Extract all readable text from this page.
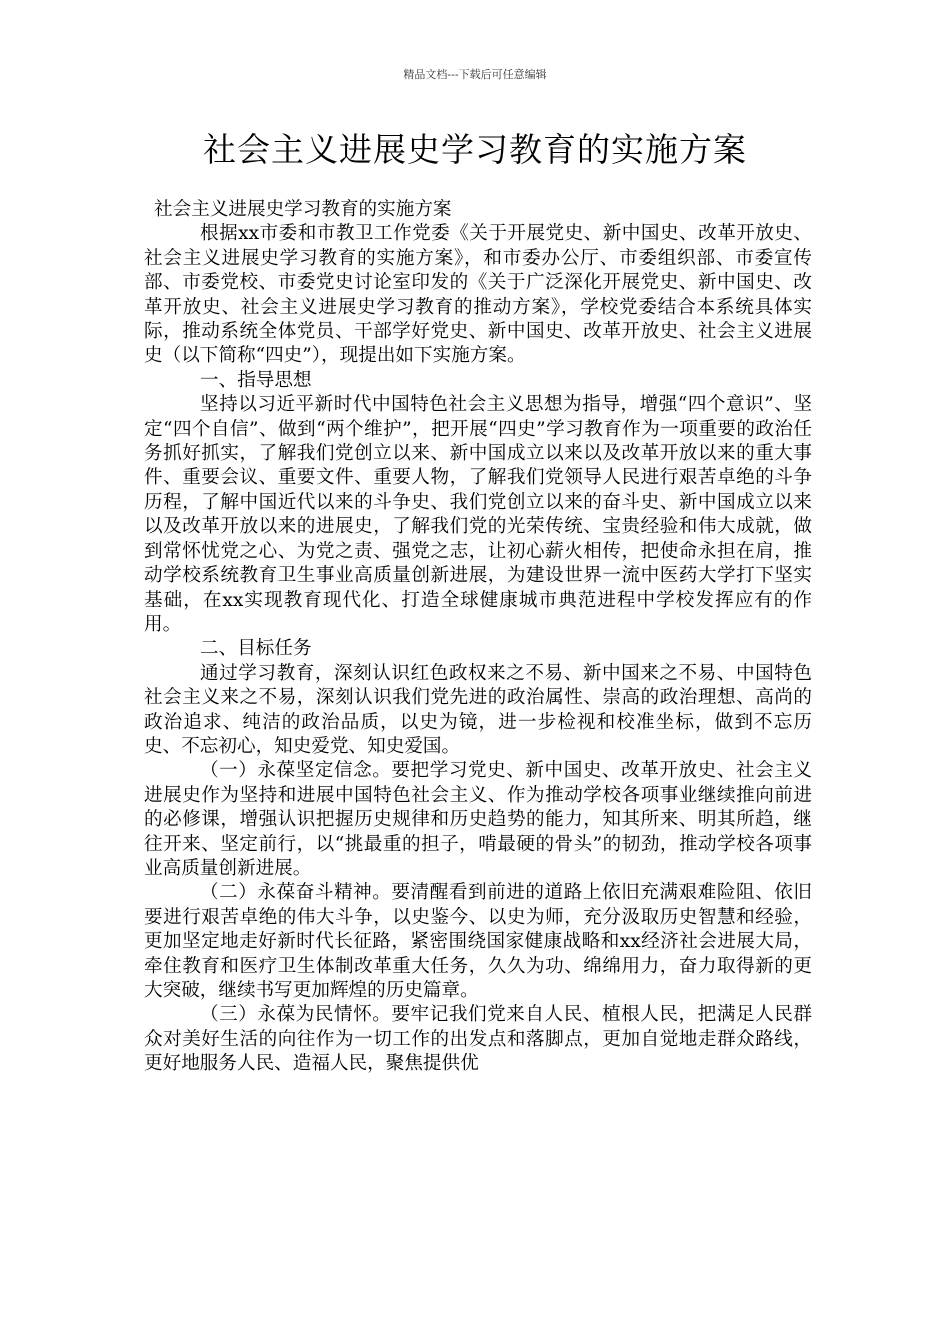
精品文档---下载后可任意编辑
社会主义进展史学习教育的实施方案

社会主义进展史学习教育的实施方案

根据xx市委和市教卫工作党委《关于开展党史、新中国史、改革开放史、社会主义进展史学习教育的实施方案》，和市委办公厅、市委组织部、市委宣传部、市委党校、市委党史讨论室印发的《关于广泛深化开展党史、新中国史、改革开放史、社会主义进展史学习教育的推动方案》，学校党委结合本系统具体实际，推动系统全体党员、干部学好党史、新中国史、改革开放史、社会主义进展史（以下简称“四史”），现提出如下实施方案。

一、指导思想

坚持以习近平新时代中国特色社会主义思想为指导，增强“四个意识”、坚定“四个自信”、做到“两个维护”，把开展“四史”学习教育作为一项重要的政治任务抓好抓实，了解我们党创立以来、新中国成立以来以及改革开放以来的重大事件、重要会议、重要文件、重要人物，了解我们党领导人民进行艰苦卓绝的斗争历程，了解中国近代以来的斗争史、我们党创立以来的奋斗史、新中国成立以来以及改革开放以来的进展史，了解我们党的光荣传统、宝贵经验和伟大成就，做到常怀忧党之心、为党之责、强党之志，让初心薪火相传，把使命永担在肩，推动学校系统教育卫生事业高质量创新进展，为建设世界一流中医药大学打下坚实基础，在xx实现教育现代化、打造全球健康城市典范进程中学校发挥应有的作用。

二、目标任务

通过学习教育，深刻认识红色政权来之不易、新中国来之不易、中国特色社会主义来之不易，深刻认识我们党先进的政治属性、崇高的政治理想、高尚的政治追求、纯洁的政治品质，以史为镜，进一步检视和校准坐标，做到不忘历史、不忘初心，知史爱党、知史爱国。

（一）永葆坚定信念。要把学习党史、新中国史、改革开放史、社会主义进展史作为坚持和进展中国特色社会主义、作为推动学校各项事业继续推向前进的必修课，增强认识把握历史规律和历史趋势的能力，知其所来、明其所趋，继往开来、坚定前行，以“挑最重的担子，啃最硬的骨头”的韧劲，推动学校各项事业高质量创新进展。

（二）永葆奋斗精神。要清醒看到前进的道路上依旧充满艰难险阻、依旧要进行艰苦卓绝的伟大斗争，以史鉴今、以史为师，充分汲取历史智慧和经验，更加坚定地走好新时代长征路，紧密围绕国家健康战略和xx经济社会进展大局，牵住教育和医疗卫生体制改革重大任务，久久为功、绵绵用力，奋力取得新的更大突破，继续书写更加辉煌的历史篇章。

（三）永葆为民情怀。要牢记我们党来自人民、植根人民，把满足人民群众对美好生活的向往作为一切工作的出发点和落脚点，更加自觉地走群众路线，更好地服务人民、造福人民，聚焦提供优
